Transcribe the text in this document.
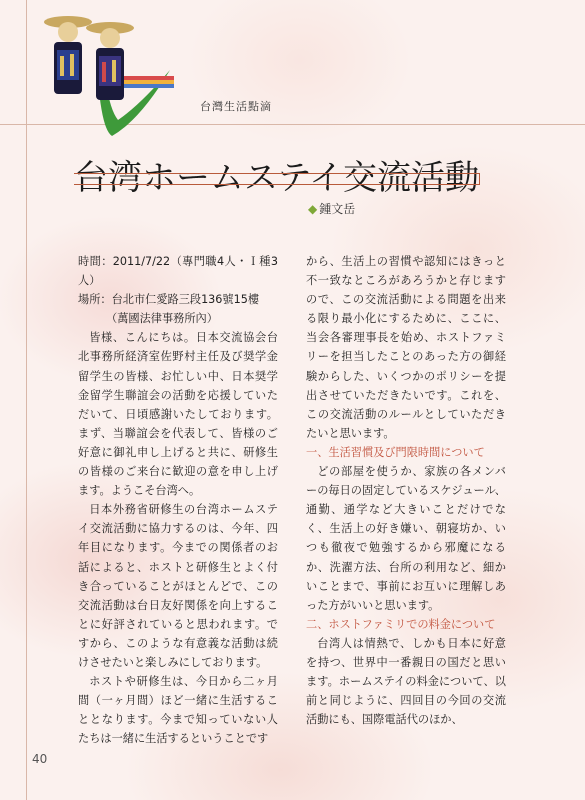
台灣生活點滴
台湾ホームステイ交流活動
◆ 鍾文岳

時間：2011/7/22（專門職4人・Ｉ種3人）

場所：台北市仁愛路三段136號15樓

（萬國法律事務所內）

皆様、こんにちは。日本交流協会台北事務所経済室佐野村主任及び奨学金留学生の皆様、お忙しい中、日本奨学金留学生聯誼会の活動を応援していただいて、日頃感謝いたしております。まず、当聯誼会を代表して、皆様のご好意に御礼申し上げると共に、研修生の皆様のご来台に歓迎の意を申し上げます。ようこそ台湾へ。

日本外務省研修生の台湾ホームステイ交流活動に協力するのは、今年、四年目になります。今までの関係者のお話によると、ホストと研修生とよく付き合っていることがほとんどで、この交流活動は台日友好関係を向上することに好評されていると思われます。ですから、このような有意義な活動は続けさせたいと楽しみにしております。

ホストや研修生は、今日から二ヶ月間（一ヶ月間）ほど一緒に生活することとなります。今まで知っていない人たちは一緒に生活するということです

から、生活上の習慣や認知にはきっと不一致なところがあろうかと存じますので、この交流活動による問題を出来る限り最小化にするために、ここに、当会各審理事長を始め、ホストファミリーを担当したことのあった方の御経験からした、いくつかのポリシーを提出させていただきたいです。これを、この交流活動のルールとしていただきたいと思います。

一、生活習慣及び門限時間について

どの部屋を使うか、家族の各メンバーの毎日の固定しているスケジュール、通勤、通学など大きいことだけでなく、生活上の好き嫌い、朝寝坊か、いつも徹夜で勉強するから邪魔になるか、洗濯方法、台所の利用など、細かいことまで、事前にお互いに理解しあった方がいいと思います。

二、ホストファミリでの料金について

台湾人は情熱で、しかも日本に好意を持つ、世界中一番親日の国だと思います。ホームステイの料金について、以前と同じように、四回目の今回の交流活動にも、国際電話代のほか、

40
